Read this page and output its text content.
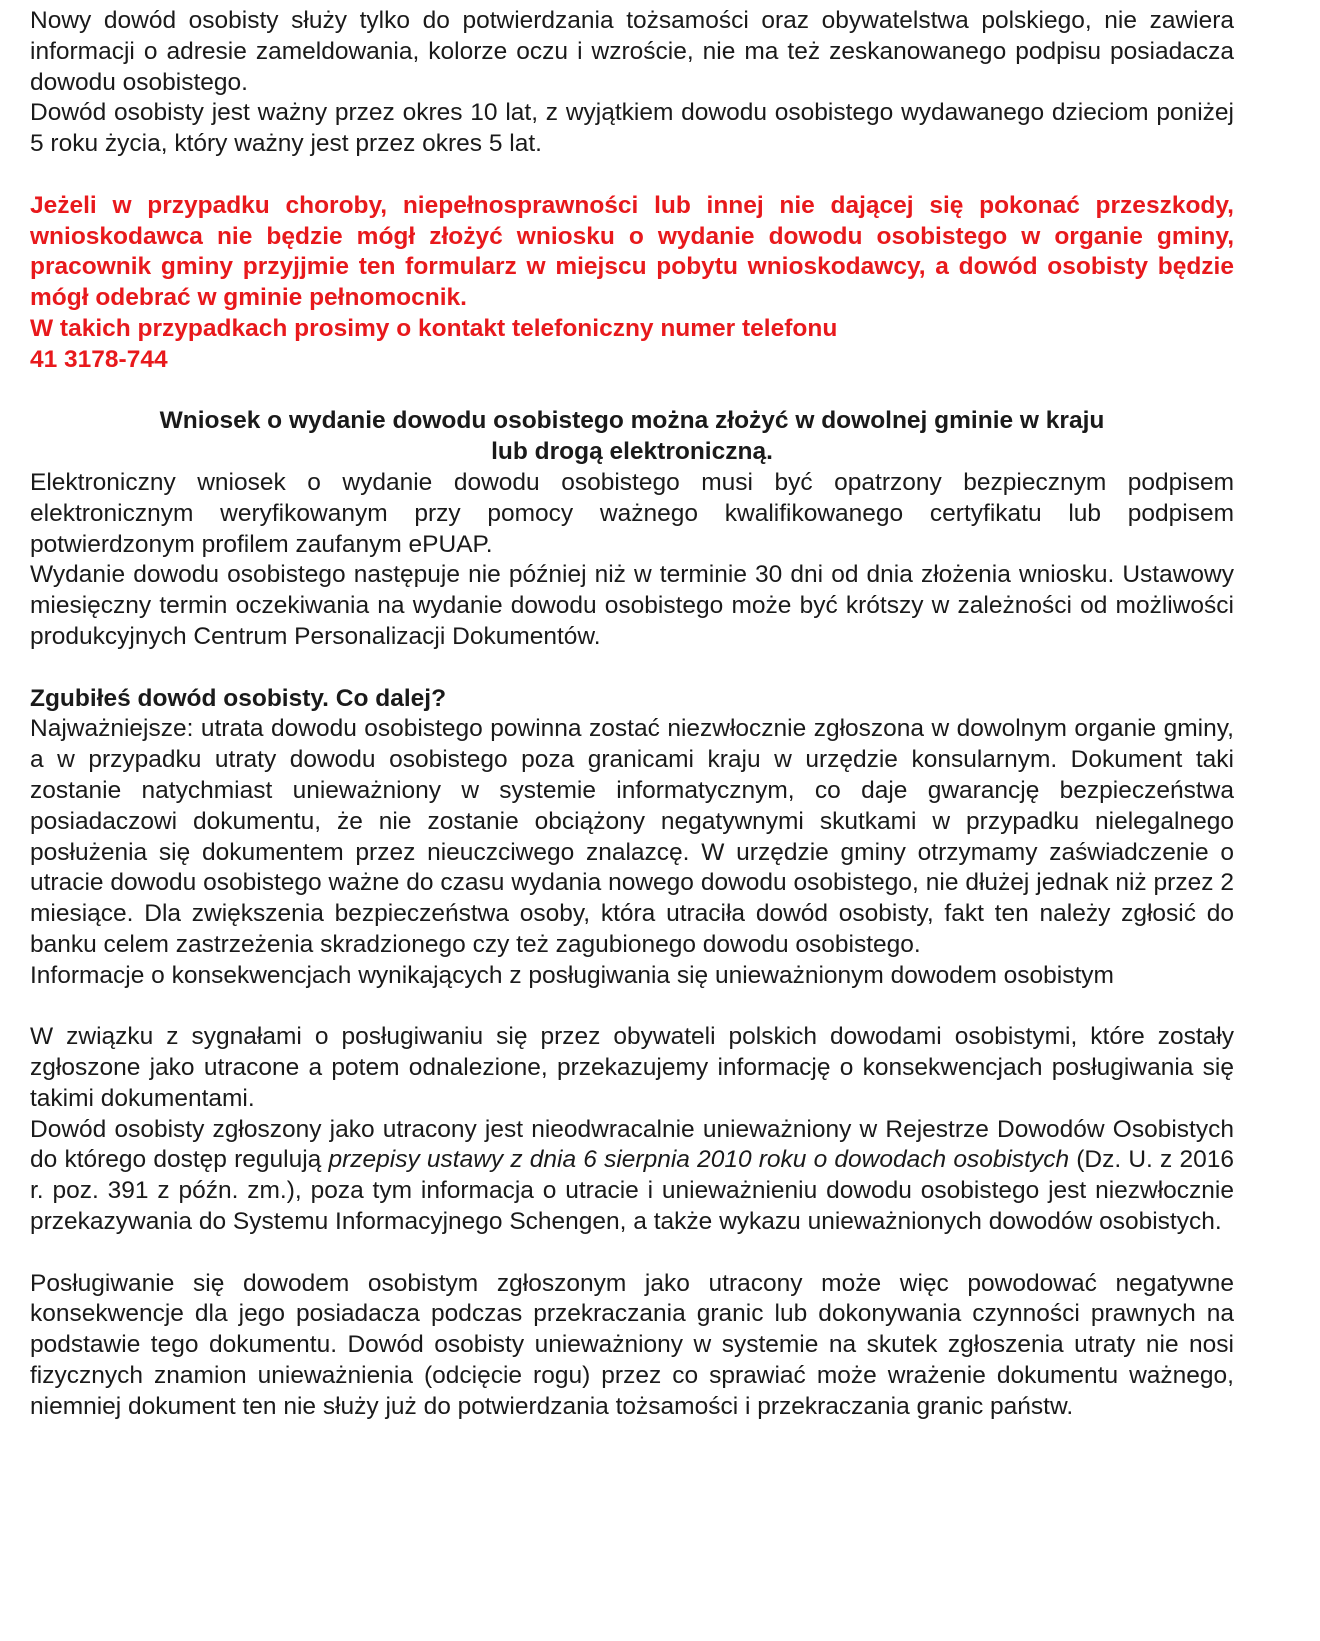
Nowy dowód osobisty służy tylko do potwierdzania tożsamości oraz obywatelstwa polskiego, nie zawiera informacji o adresie zameldowania, kolorze oczu i wzroście, nie ma też zeskanowanego podpisu posiadacza dowodu osobistego.

Dowód osobisty jest ważny przez okres 10 lat, z wyjątkiem dowodu osobistego wydawanego dzieciom poniżej 5 roku życia, który ważny jest przez okres 5 lat.

Jeżeli w przypadku choroby, niepełnosprawności lub innej nie dającej się pokonać przeszkody, wnioskodawca nie będzie mógł złożyć wniosku o wydanie dowodu osobistego w organie gminy, pracownik gminy przyjjmie ten formularz w miejscu pobytu wnioskodawcy, a dowód osobisty będzie mógł odebrać w gminie pełnomocnik.

W takich przypadkach prosimy o kontakt telefoniczny numer telefonu

41 3178-744

Wniosek o wydanie dowodu osobistego można złożyć w dowolnej gminie w kraju

lub drogą elektroniczną.

Elektroniczny wniosek o wydanie dowodu osobistego musi być opatrzony bezpiecznym podpisem elektronicznym weryfikowanym przy pomocy ważnego kwalifikowanego certyfikatu lub podpisem potwierdzonym profilem zaufanym ePUAP.

Wydanie dowodu osobistego następuje nie później niż w terminie 30 dni od dnia złożenia wniosku. Ustawowy miesięczny termin oczekiwania na wydanie dowodu osobistego może być krótszy w zależności od możliwości produkcyjnych Centrum Personalizacji Dokumentów.

Zgubiłeś dowód osobisty. Co dalej?

Najważniejsze: utrata dowodu osobistego powinna zostać niezwłocznie zgłoszona w dowolnym organie gminy, a w przypadku utraty dowodu osobistego poza granicami kraju w urzędzie konsularnym. Dokument taki zostanie natychmiast unieważniony w systemie informatycznym, co daje gwarancję bezpieczeństwa posiadaczowi dokumentu, że nie zostanie obciążony negatywnymi skutkami w przypadku nielegalnego posłużenia się dokumentem przez nieuczciwego znalazcę. W urzędzie gminy otrzymamy zaświadczenie o utracie dowodu osobistego ważne do czasu wydania nowego dowodu osobistego, nie dłużej jednak niż przez 2 miesiące. Dla zwiększenia bezpieczeństwa osoby, która utraciła dowód osobisty, fakt ten należy zgłosić do banku celem zastrzeżenia skradzionego czy też zagubionego dowodu osobistego.

Informacje o konsekwencjach wynikających z posługiwania się unieważnionym dowodem osobistym

W związku z sygnałami o posługiwaniu się przez obywateli polskich dowodami osobistymi, które zostały zgłoszone jako utracone a potem odnalezione, przekazujemy informację o konsekwencjach posługiwania się takimi dokumentami.

Dowód osobisty zgłoszony jako utracony jest nieodwracalnie unieważniony w Rejestrze Dowodów Osobistych do którego dostęp regulują przepisy ustawy z dnia 6 sierpnia 2010 roku o dowodach osobistych (Dz. U. z 2016 r. poz. 391 z późn. zm.), poza tym informacja o utracie i unieważnieniu dowodu osobistego jest niezwłocznie przekazywania do Systemu Informacyjnego Schengen, a także wykazu unieważnionych dowodów osobistych.

Posługiwanie się dowodem osobistym zgłoszonym jako utracony może więc powodować negatywne konsekwencje dla jego posiadacza podczas przekraczania granic lub dokonywania czynności prawnych na podstawie tego dokumentu. Dowód osobisty unieważniony w systemie na skutek zgłoszenia utraty nie nosi fizycznych znamion unieważnienia (odcięcie rogu) przez co sprawiać może wrażenie dokumentu ważnego, niemniej dokument ten nie służy już do potwierdzania tożsamości i przekraczania granic państw.
